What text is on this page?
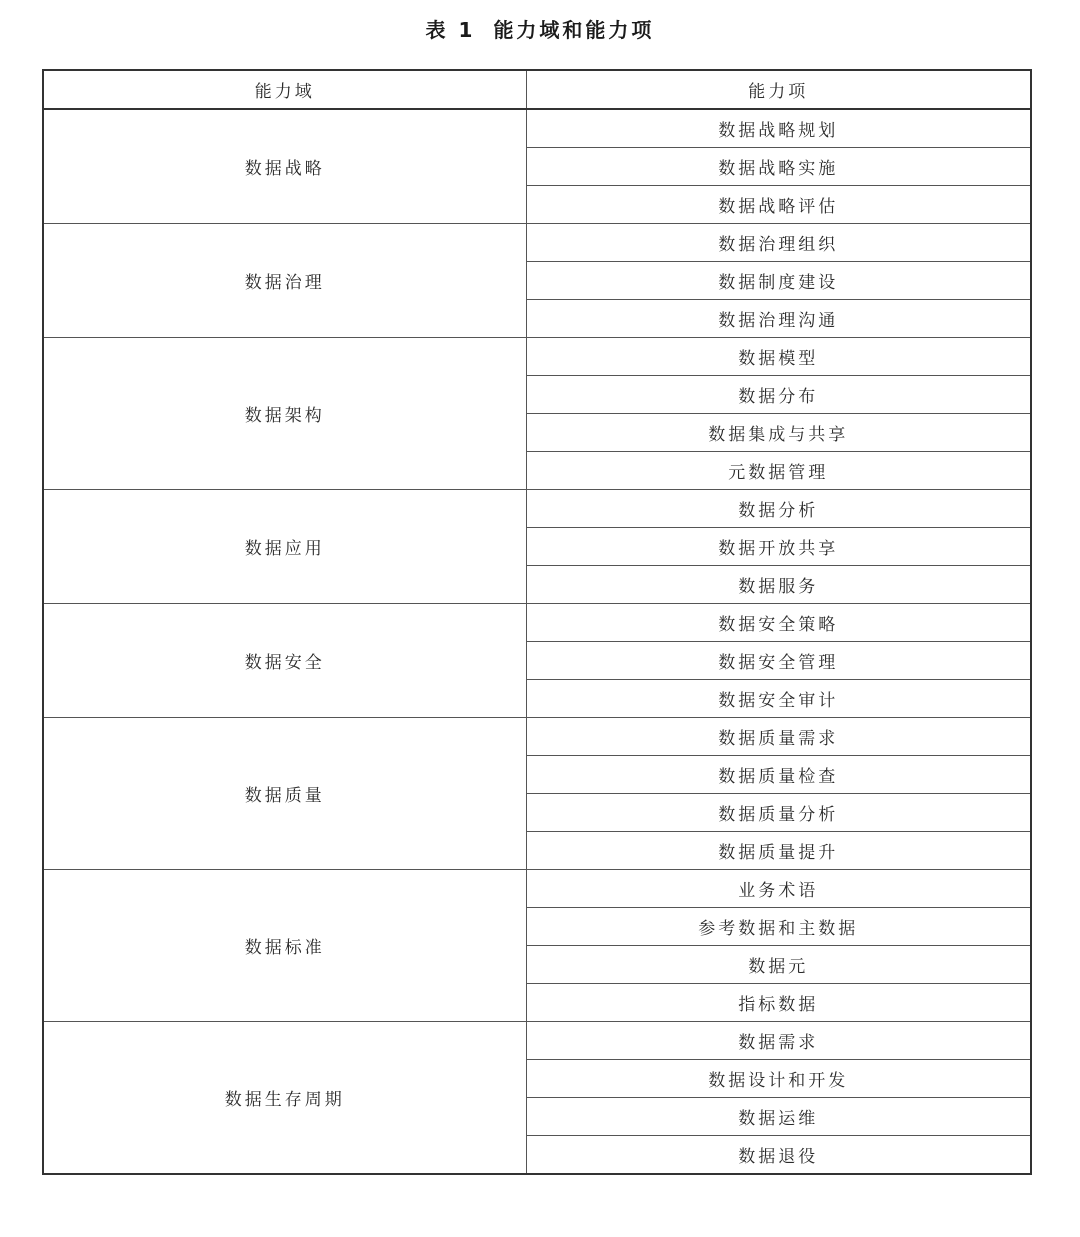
表 1 能力域和能力项
能力域	能力项
数据战略	数据战略规划
	数据战略实施
	数据战略评估
数据治理	数据治理组织
	数据制度建设
	数据治理沟通
数据架构	数据模型
	数据分布
	数据集成与共享
	元数据管理
数据应用	数据分析
	数据开放共享
	数据服务
数据安全	数据安全策略
	数据安全管理
	数据安全审计
数据质量	数据质量需求
	数据质量检查
	数据质量分析
	数据质量提升
数据标准	业务术语
	参考数据和主数据
	数据元
	指标数据
数据生存周期	数据需求
	数据设计和开发
	数据运维
	数据退役
